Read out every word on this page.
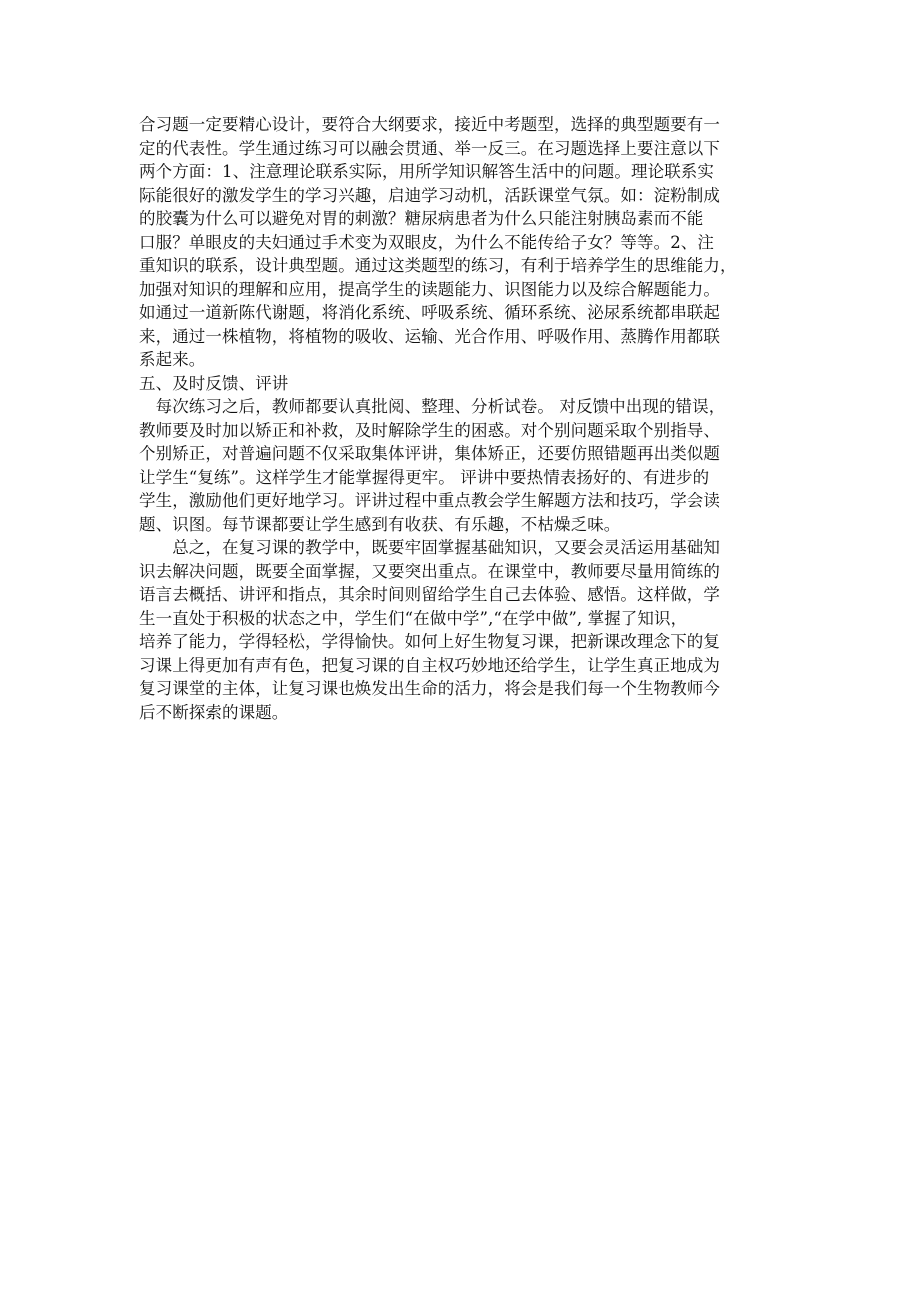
合习题一定要精心设计，要符合大纲要求，接近中考题型，选择的典型题要有一
定的代表性。学生通过练习可以融会贯通、举一反三。在习题选择上要注意以下
两个方面：1、注意理论联系实际，用所学知识解答生活中的问题。理论联系实
际能很好的激发学生的学习兴趣，启迪学习动机，活跃课堂气氛。如：淀粉制成
的胶囊为什么可以避免对胃的刺激？糖尿病患者为什么只能注射胰岛素而不能
口服？单眼皮的夫妇通过手术变为双眼皮，为什么不能传给子女？等等。2、注
重知识的联系，设计典型题。通过这类题型的练习，有利于培养学生的思维能力，
加强对知识的理解和应用，提高学生的读题能力、识图能力以及综合解题能力。
如通过一道新陈代谢题，将消化系统、呼吸系统、循环系统、泌尿系统都串联起
来，通过一株植物，将植物的吸收、运输、光合作用、呼吸作用、蒸腾作用都联
系起来。
五、及时反馈、评讲
　每次练习之后，教师都要认真批阅、整理、分析试卷。 对反馈中出现的错误，
教师要及时加以矫正和补救，及时解除学生的困惑。对个别问题采取个别指导、
个别矫正，对普遍问题不仅采取集体评讲，集体矫正，还要仿照错题再出类似题
让学生“复练”。这样学生才能掌握得更牢。 评讲中要热情表扬好的、有进步的
学生，激励他们更好地学习。评讲过程中重点教会学生解题方法和技巧，学会读
题、识图。每节课都要让学生感到有收获、有乐趣，不枯燥乏味。
　　总之，在复习课的教学中，既要牢固掌握基础知识，又要会灵活运用基础知
识去解决问题，既要全面掌握，又要突出重点。在课堂中，教师要尽量用简练的
语言去概括、讲评和指点，其余时间则留给学生自己去体验、感悟。这样做，学
生一直处于积极的状态之中，学生们“在做中学”,“在学中做”, 掌握了知识，
培养了能力，学得轻松，学得愉快。如何上好生物复习课，把新课改理念下的复
习课上得更加有声有色，把复习课的自主权巧妙地还给学生，让学生真正地成为
复习课堂的主体，让复习课也焕发出生命的活力，将会是我们每一个生物教师今
后不断探索的课题。
